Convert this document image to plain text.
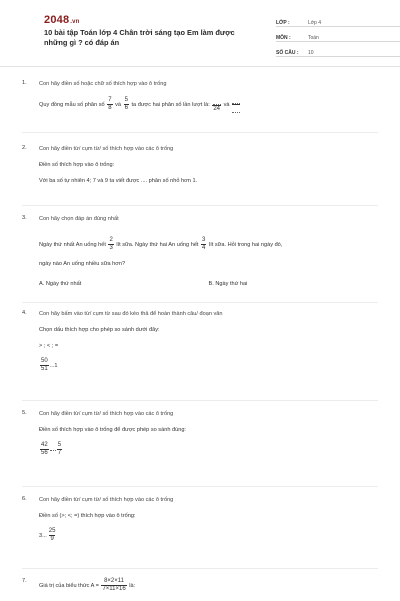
2048.vn
10 bài tập Toán lớp 4 Chân trời sáng tạo Em làm được những gì ? có đáp án
LỚP :	Lớp 4
MÔN :	Toán
SỐ CÂU :	10
1.	Con hãy điền số hoặc chữ số thích hợp vào ô trống
Quy đồng mẫu số phân số $\frac{7}{8}$ và $\frac{5}{6}$ ta được hai phân số lần lượt là:
24
và
2.	Con hãy điền từ/ cụm từ/ số thích hợp vào các ô trống
Điền số thích hợp vào ô trống:
Với ba số tự nhiên 4; 7 và 9 ta viết được .... phân số nhỏ hơn 1.
3.	Con hãy chọn đáp án đúng nhất
Ngày thứ nhất An uống hết $\frac{2}{3}$ lít sữa. Ngày thứ hai An uống hết $\frac{3}{4}$ lít sữa. Hỏi trong hai ngày đó,
ngày nào An uống nhiều sữa hơn?
A. Ngày thứ nhất	B. Ngày thứ hai
4.	Con hãy bấm vào từ/ cụm từ sau đó kéo thả để hoàn thành câu/ đoạn văn
Chọn dấu thích hợp cho phép so sánh dưới đây:
> ; < ; =
$\frac{50}{51} ...1$
5.	Con hãy điền từ/ cụm từ/ số thích hợp vào các ô trống
Điền số thích hợp vào ô trống để được phép so sánh đúng:
$\frac{42}{56} \frac{5}{7}$
6.	Con hãy điền từ/ cụm từ/ số thích hợp vào các ô trống
Điền số (>; <; =) thích hợp vào ô trống:
3... $\frac{25}{9}$
7.
Giá trị của biểu thức $A = \frac{8\times 2\times 11}{7\times 11\times 16}$ là:
